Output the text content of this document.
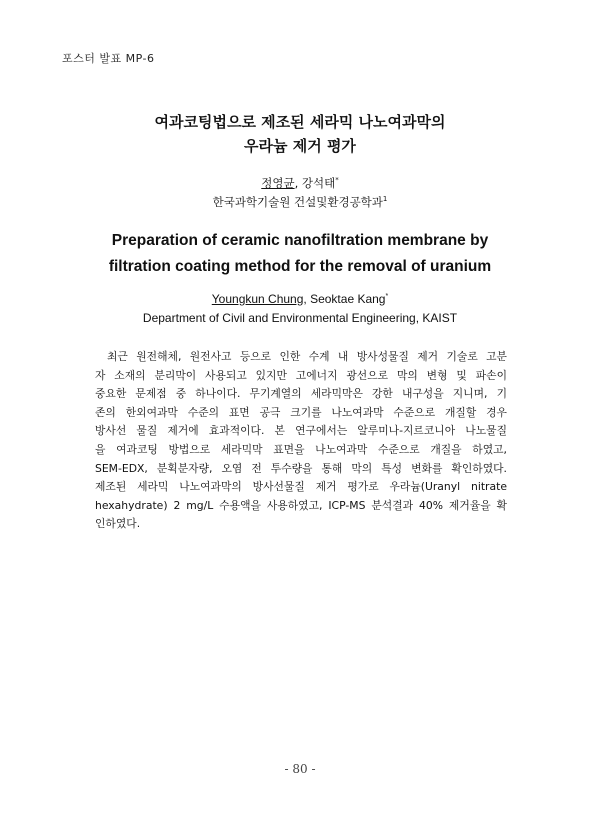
포스터 발표 MP-6
여과코팅법으로 제조된 세라믹 나노여과막의
우라늄 제거 평가
정영균, 강석태*
한국과학기술원 건설및환경공학과$^1$
Preparation of ceramic nanofiltration membrane by
filtration coating method for the removal of uranium
Youngkun Chung, Seoktae Kang*
Department of Civil and Environmental Engineering, KAIST
최근 원전해체, 원전사고 등으로 인한 수계 내 방사성물질 제거 기술로 고분
자 소재의 분리막이 사용되고 있지만 고에너지 광선으로 막의 변형 및 파손이
중요한 문제점 중 하나이다. 무기계열의 세라믹막은 강한 내구성을 지니며, 기
존의 한외여과막 수준의 표면 공극 크기를 나노여과막 수준으로 개질할 경우
방사선 물질 제거에 효과적이다. 본 연구에서는 알루미나-지르코니아 나노물질
을 여과코팅 방법으로 세라믹막 표면을 나노여과막 수준으로 개질을 하였고,
SEM-EDX, 분획분자량, 오염 전 투수량을 통해 막의 특성 변화를 확인하였다.
제조된 세라믹 나노여과막의 방사선물질 제거 평가로 우라늄(Uranyl nitrate
hexahydrate) 2 mg/L 수용액을 사용하였고, ICP-MS 분석결과 40% 제거율을 확
인하였다.
- 80 -
